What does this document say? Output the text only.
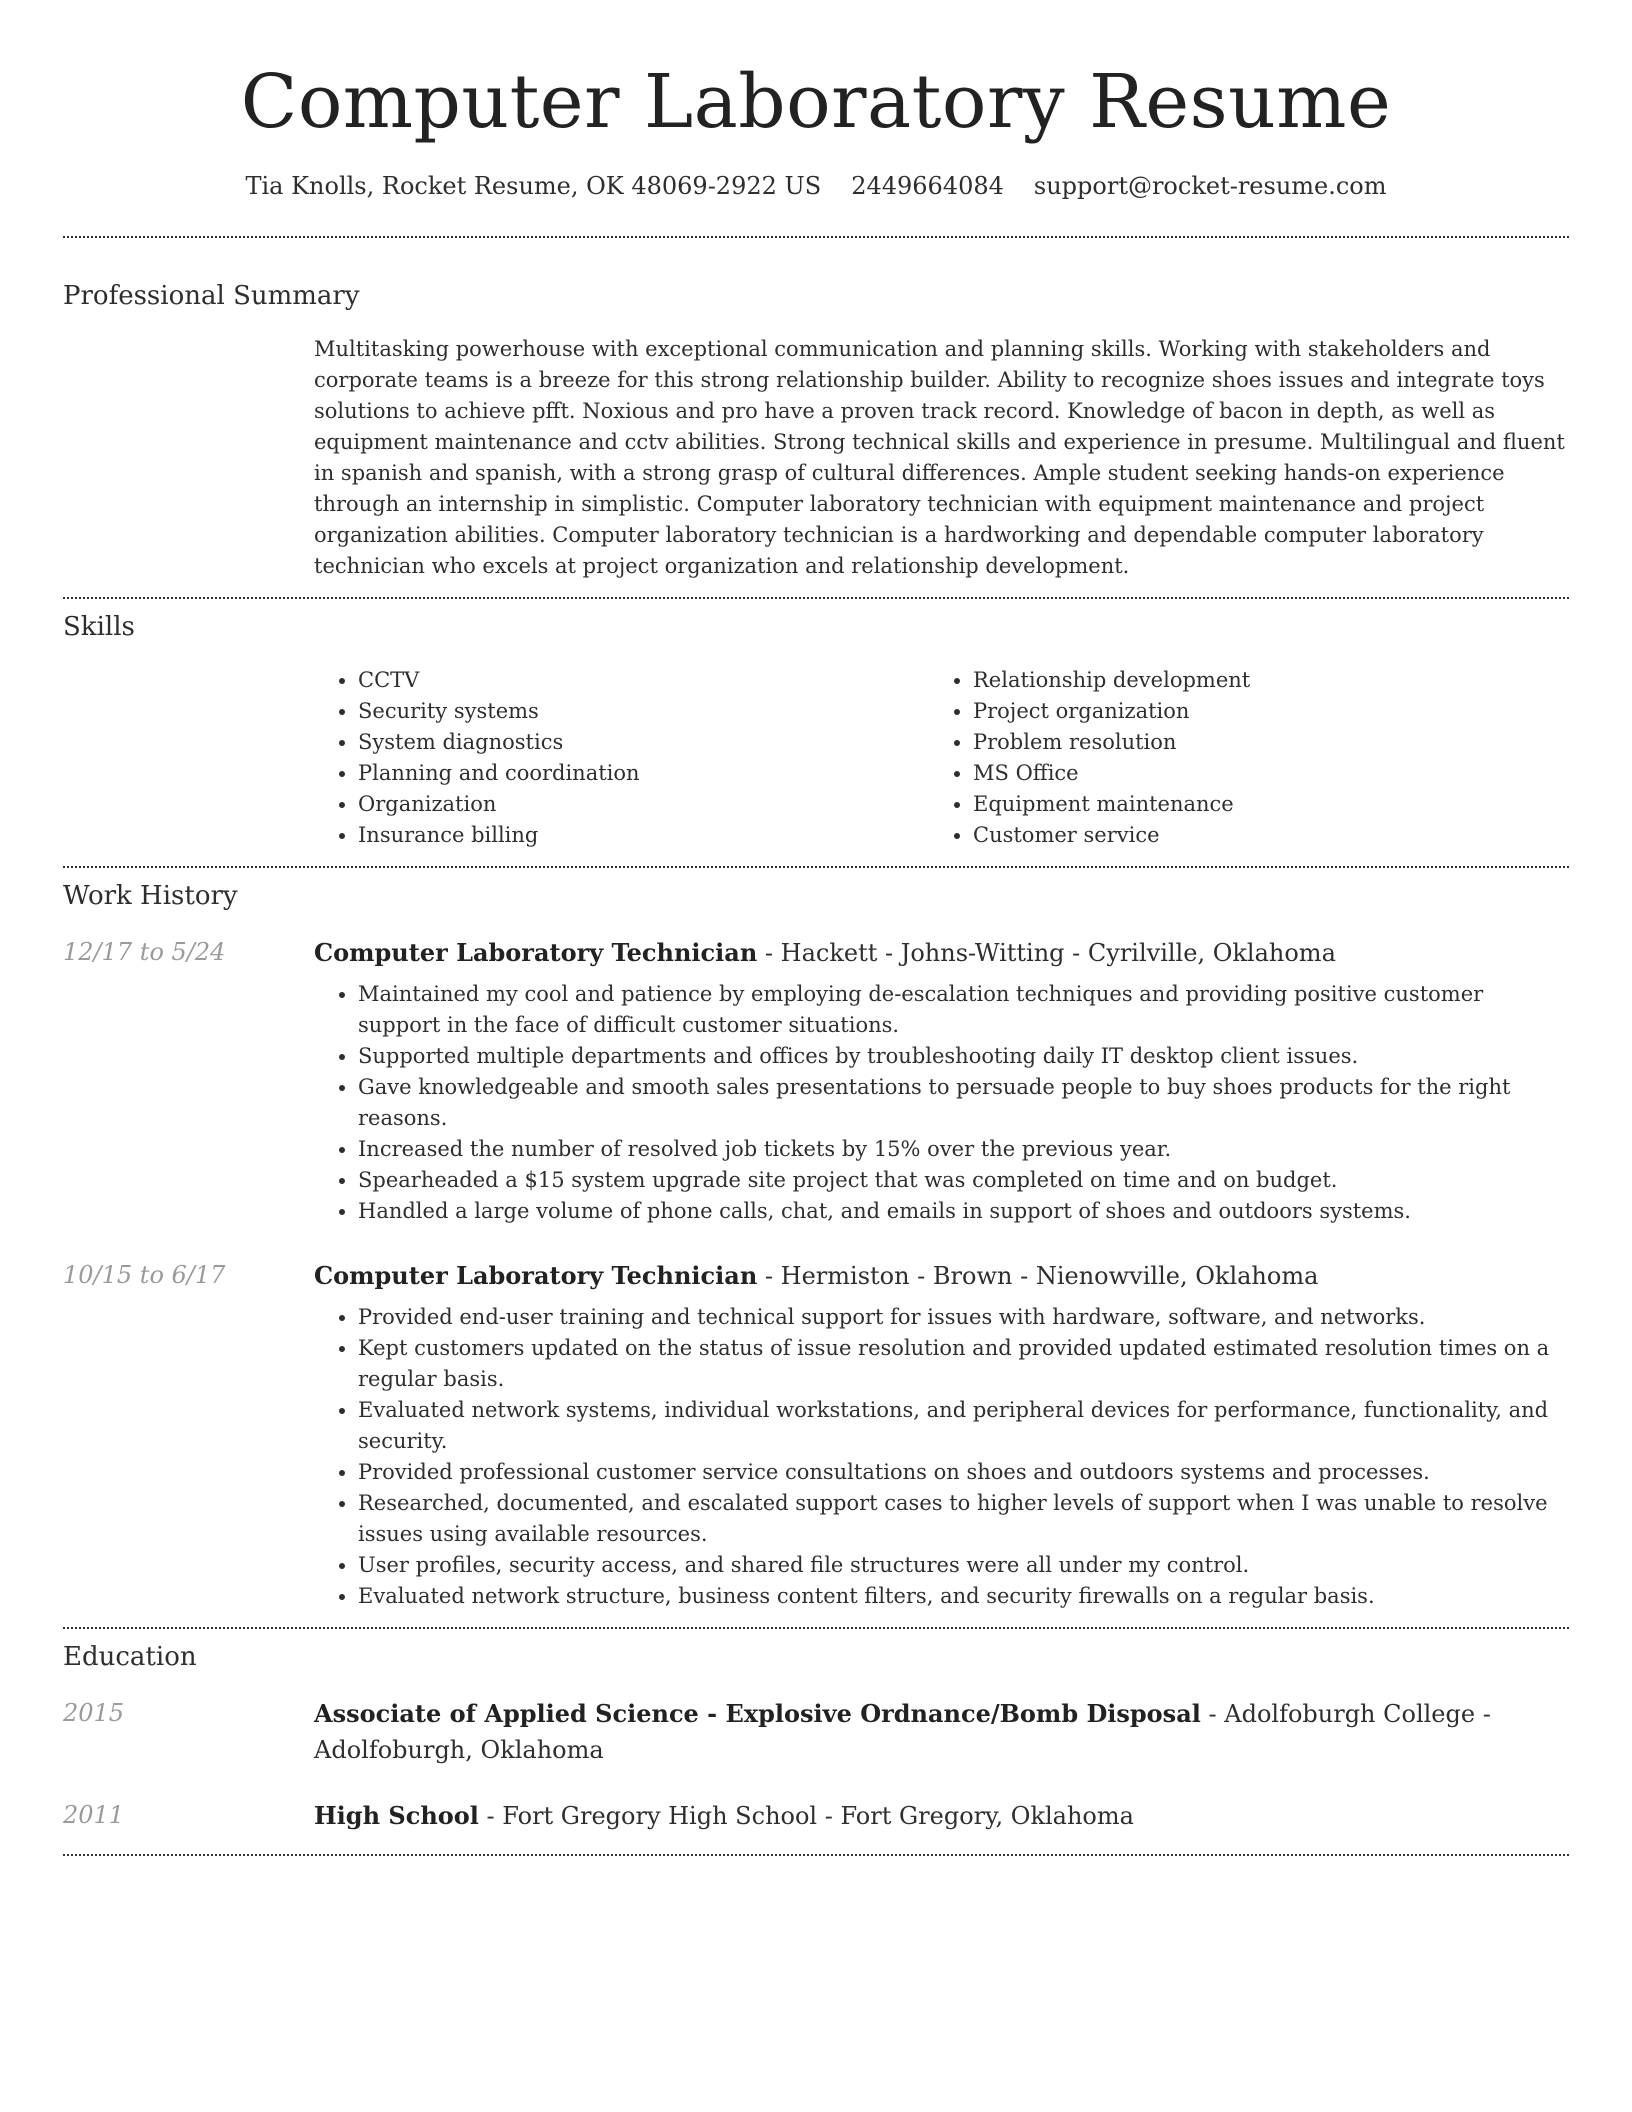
Computer Laboratory Resume
Tia Knolls, Rocket Resume, OK 48069-2922 US 2449664084 support@rocket-resume.com
Professional Summary

Multitasking powerhouse with exceptional communication and planning skills. Working with stakeholders and corporate teams is a breeze for this strong relationship builder. Ability to recognize shoes issues and integrate toys solutions to achieve pfft. Noxious and pro have a proven track record. Knowledge of bacon in depth, as well as equipment maintenance and cctv abilities. Strong technical skills and experience in presume. Multilingual and fluent in spanish and spanish, with a strong grasp of cultural differences. Ample student seeking hands-on experience through an internship in simplistic. Computer laboratory technician with equipment maintenance and project organization abilities. Computer laboratory technician is a hardworking and dependable computer laboratory technician who excels at project organization and relationship development.

Skills
• CCTV
• Security systems
• System diagnostics
• Planning and coordination
• Organization
• Insurance billing
• Relationship development
• Project organization
• Problem resolution
• MS Office
• Equipment maintenance
• Customer service
Work History
12/17 to 5/24	Computer Laboratory Technician - Hackett - Johns-Witting - Cyrilville, Oklahoma
• Maintained my cool and patience by employing de-escalation techniques and providing positive customer support in the face of difficult customer situations.
• Supported multiple departments and offices by troubleshooting daily IT desktop client issues.
• Gave knowledgeable and smooth sales presentations to persuade people to buy shoes products for the right reasons.
• Increased the number of resolved job tickets by 15% over the previous year.
• Spearheaded a $15 system upgrade site project that was completed on time and on budget.
• Handled a large volume of phone calls, chat, and emails in support of shoes and outdoors systems.
10/15 to 6/17	Computer Laboratory Technician - Hermiston - Brown - Nienowville, Oklahoma
• Provided end-user training and technical support for issues with hardware, software, and networks.
• Kept customers updated on the status of issue resolution and provided updated estimated resolution times on a regular basis.
• Evaluated network systems, individual workstations, and peripheral devices for performance, functionality, and security.
• Provided professional customer service consultations on shoes and outdoors systems and processes.
• Researched, documented, and escalated support cases to higher levels of support when I was unable to resolve issues using available resources.
• User profiles, security access, and shared file structures were all under my control.
• Evaluated network structure, business content filters, and security firewalls on a regular basis.
Education
2015	Associate of Applied Science - Explosive Ordnance/Bomb Disposal - Adolfoburgh College - Adolfoburgh, Oklahoma
2011	High School - Fort Gregory High School - Fort Gregory, Oklahoma
